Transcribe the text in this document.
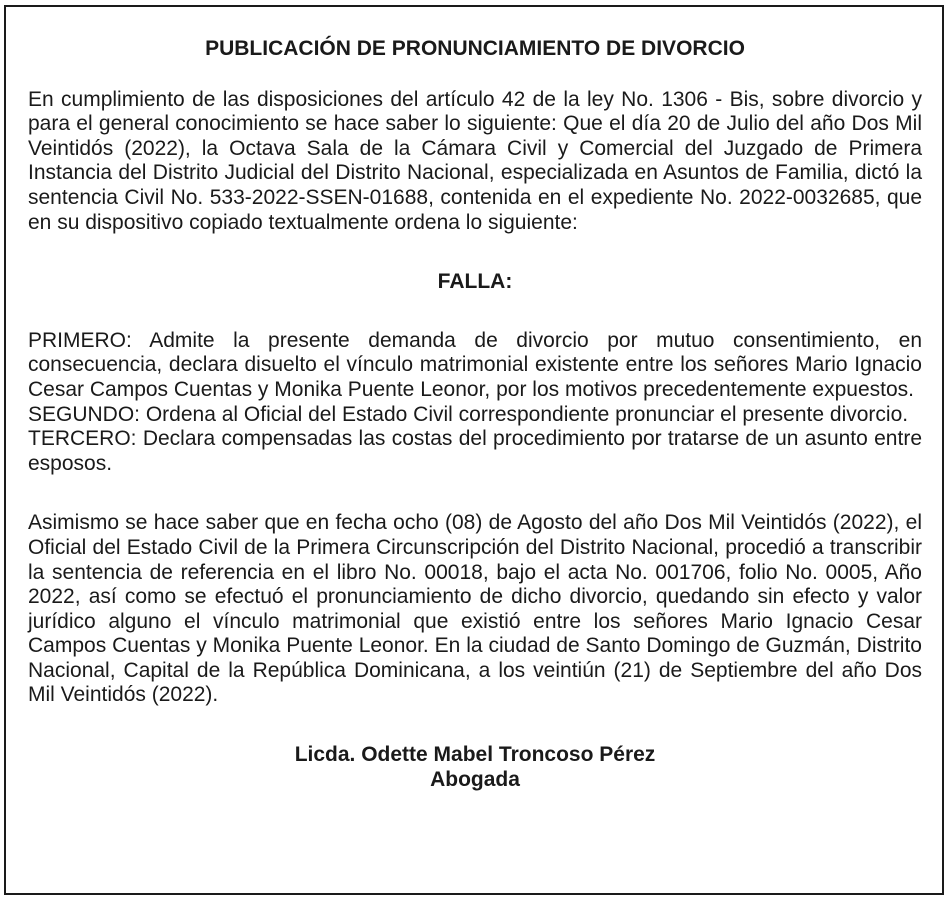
PUBLICACIÓN DE PRONUNCIAMIENTO DE DIVORCIO

En cumplimiento de las disposiciones del artículo 42 de la ley No. 1306 - Bis, sobre divorcio y para el general conocimiento se hace saber lo siguiente: Que el día 20 de Julio del año Dos Mil Veintidós (2022), la Octava Sala de la Cámara Civil y Comercial del Juzgado de Primera Instancia del Distrito Judicial del Distrito Nacional, especializada en Asuntos de Familia, dictó la sentencia Civil No. 533-2022-SSEN-01688, contenida en el expediente No. 2022-0032685, que en su dispositivo copiado textualmente ordena lo siguiente:

FALLA:

PRIMERO: Admite la presente demanda de divorcio por mutuo consentimiento, en consecuencia, declara disuelto el vínculo matrimonial existente entre los señores Mario Ignacio Cesar Campos Cuentas y Monika Puente Leonor, por los motivos precedentemente expuestos.

SEGUNDO: Ordena al Oficial del Estado Civil correspondiente pronunciar el presente divorcio.

TERCERO: Declara compensadas las costas del procedimiento por tratarse de un asunto entre esposos.

Asimismo se hace saber que en fecha ocho (08) de Agosto del año Dos Mil Veintidós (2022), el Oficial del Estado Civil de la Primera Circunscripción del Distrito Nacional, procedió a transcribir la sentencia de referencia en el libro No. 00018, bajo el acta No. 001706, folio No. 0005, Año 2022, así como se efectuó el pronunciamiento de dicho divorcio, quedando sin efecto y valor jurídico alguno el vínculo matrimonial que existió entre los señores Mario Ignacio Cesar Campos Cuentas y Monika Puente Leonor. En la ciudad de Santo Domingo de Guzmán, Distrito Nacional, Capital de la República Dominicana, a los veintiún (21) de Septiembre del año Dos Mil Veintidós (2022).

Licda. Odette Mabel Troncoso Pérez

Abogada
